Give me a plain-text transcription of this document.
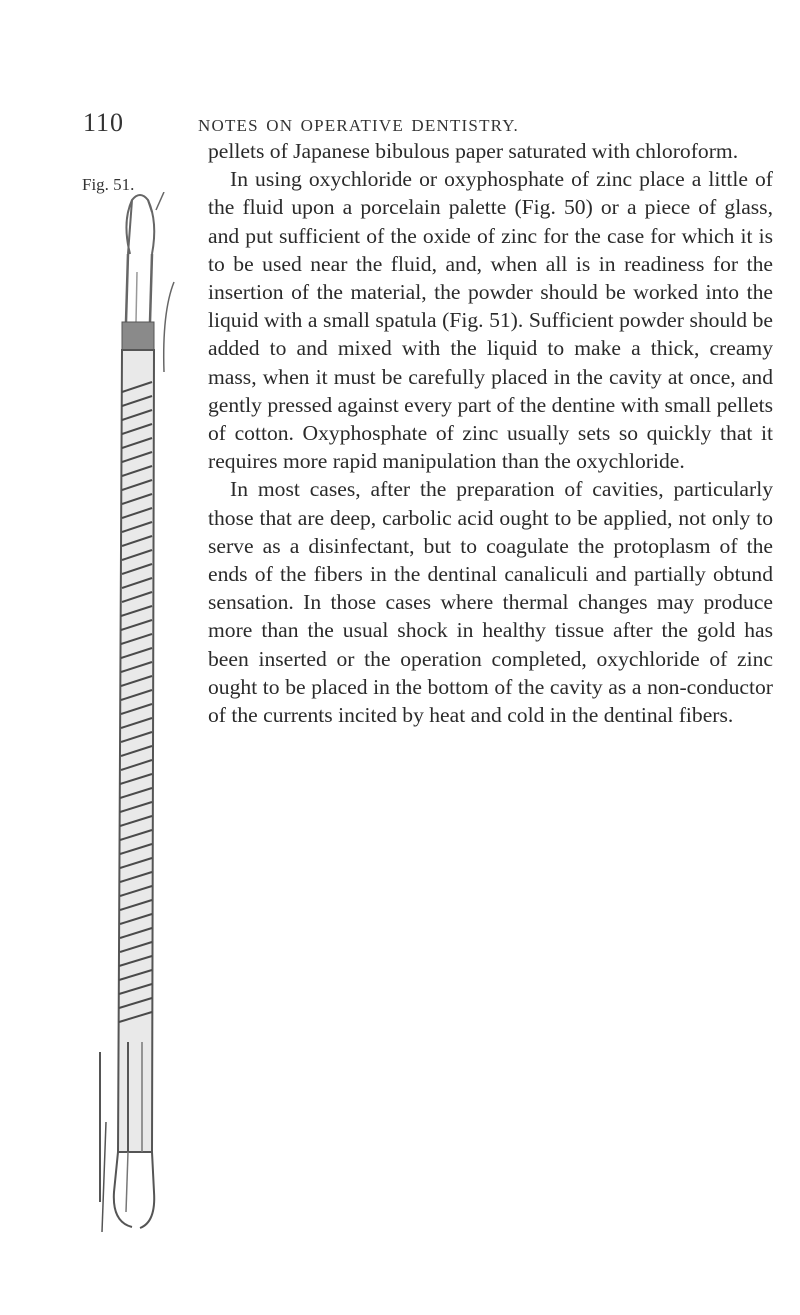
110	NOTES ON OPERATIVE DENTISTRY.
Fig. 51.

pellets of Japanese bibulous paper saturated with chloroform.

In using oxychloride or oxyphosphate of zinc place a little of the fluid upon a porcelain palette (Fig. 50) or a piece of glass, and put sufficient of the oxide of zinc for the case for which it is to be used near the fluid, and, when all is in readiness for the insertion of the material, the powder should be worked into the liquid with a small spatula (Fig. 51). Sufficient powder should be added to and mixed with the liquid to make a thick, creamy mass, when it must be carefully placed in the cavity at once, and gently pressed against every part of the dentine with small pellets of cotton. Oxyphosphate of zinc usually sets so quickly that it requires more rapid manipulation than the oxychloride.

In most cases, after the preparation of cavities, particularly those that are deep, carbolic acid ought to be applied, not only to serve as a disinfectant, but to coagulate the protoplasm of the ends of the fibers in the dentinal canaliculi and partially obtund sensation. In those cases where thermal changes may produce more than the usual shock in healthy tissue after the gold has been inserted or the operation completed, oxychloride of zinc ought to be placed in the bottom of the cavity as a non-conductor of the currents incited by heat and cold in the dentinal fibers.
